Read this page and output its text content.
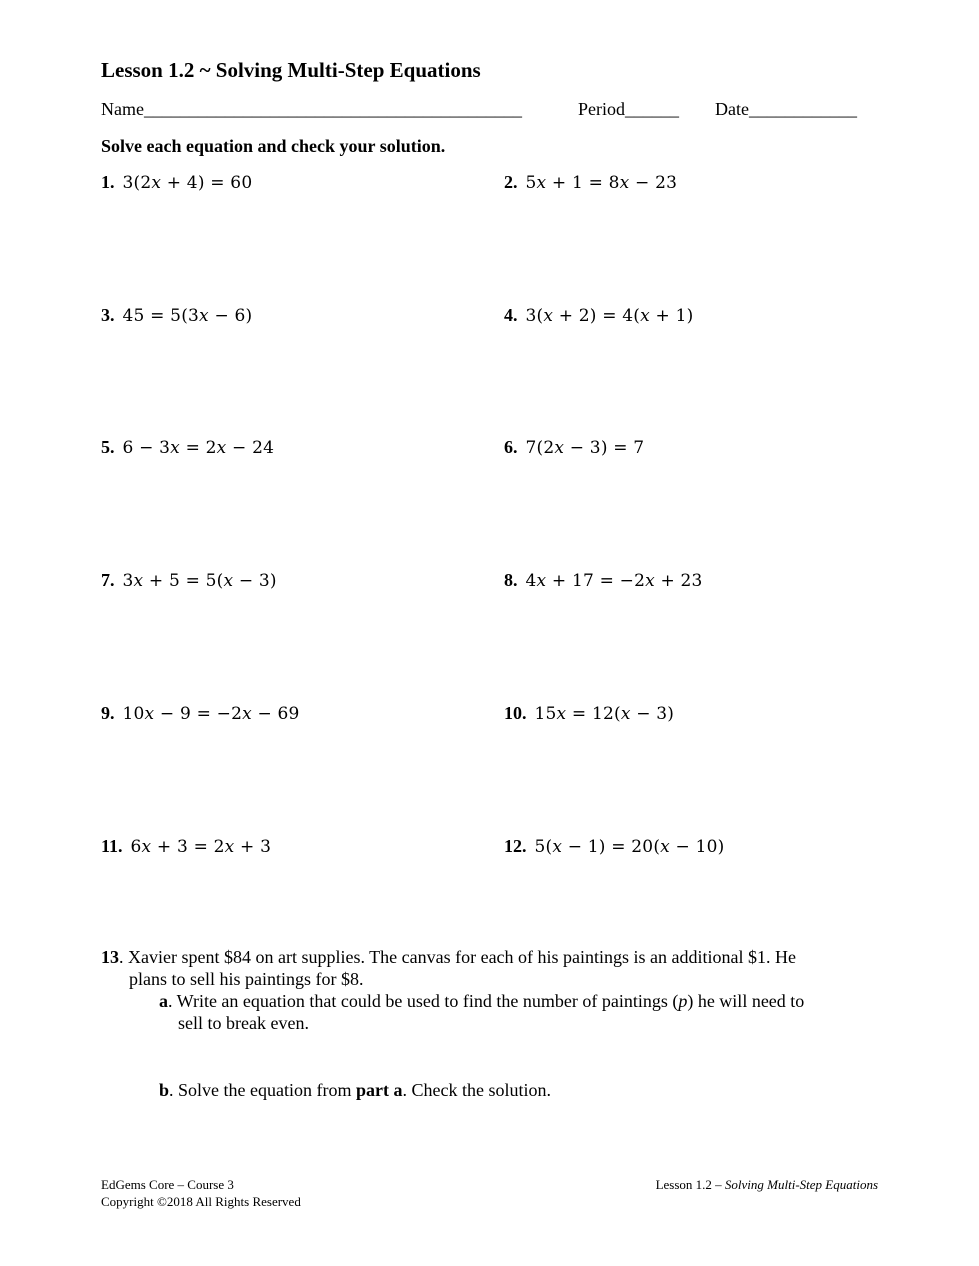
Lesson 1.2 ~ Solving Multi-Step Equations
Name__________________________________________	Period______ Date____________
Solve each equation and check your solution.
1. 3(2𝑥 + 4) = 60	2. 5𝑥 + 1 = 8𝑥 − 23
3. 45 = 5(3𝑥 − 6)	4. 3(𝑥 + 2) = 4(𝑥 + 1)
5. 6 − 3𝑥 = 2𝑥 − 24	6. 7(2𝑥 − 3) = 7
7. 3𝑥 + 5 = 5(𝑥 − 3)	8. 4𝑥 + 17 = −2𝑥 + 23
9. 10𝑥 − 9 = −2𝑥 − 69	10. 15𝑥 = 12(𝑥 − 3)
11. 6𝑥 + 3 = 2𝑥 + 3	12. 5(𝑥 − 1) = 20(𝑥 − 10)
13. Xavier spent $84 on art supplies. The canvas for each of his paintings is an additional $1. He
plans to sell his paintings for $8.
a. Write an equation that could be used to find the number of paintings (p) he will need to
sell to break even.
b. Solve the equation from part a. Check the solution.
EdGems Core – Course 3
Copyright ©2018 All Rights Reserved
Lesson 1.2 – Solving Multi-Step Equations
